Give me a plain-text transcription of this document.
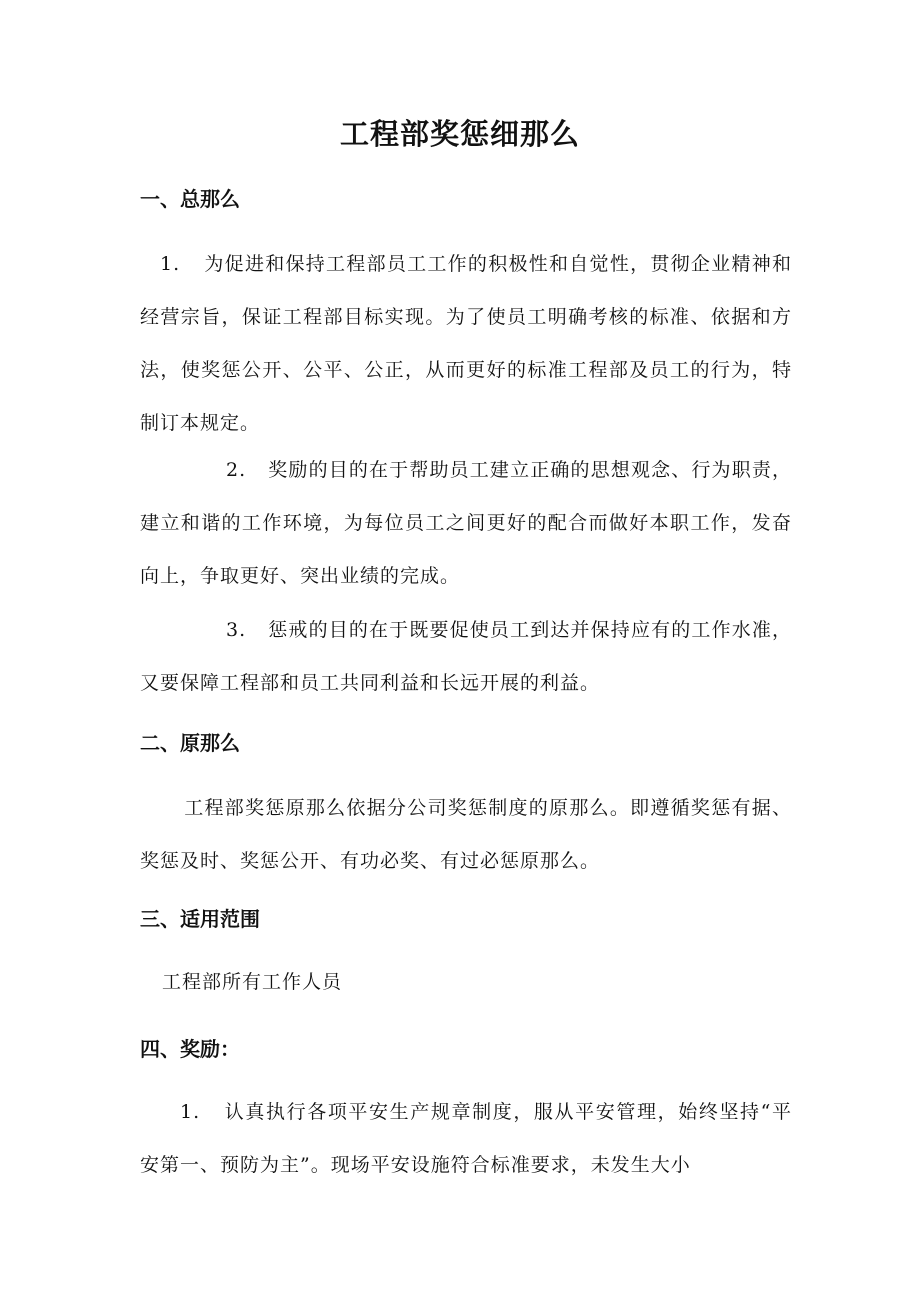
工程部奖惩细那么
一、总那么

1. 为促进和保持工程部员工工作的积极性和自觉性，贯彻企业精神和经营宗旨，保证工程部目标实现。为了使员工明确考核的标准、依据和方法，使奖惩公开、公平、公正，从而更好的标准工程部及员工的行为，特制订本规定。

2. 奖励的目的在于帮助员工建立正确的思想观念、行为职责，建立和谐的工作环境，为每位员工之间更好的配合而做好本职工作，发奋向上，争取更好、突出业绩的完成。

3. 惩戒的目的在于既要促使员工到达并保持应有的工作水准，又要保障工程部和员工共同利益和长远开展的利益。

二、原那么

工程部奖惩原那么依据分公司奖惩制度的原那么。即遵循奖惩有据、奖惩及时、奖惩公开、有功必奖、有过必惩原那么。

三、适用范围

工程部所有工作人员

四、奖励：

1. 认真执行各项平安生产规章制度，服从平安管理，始终坚持“平安第一、预防为主”。现场平安设施符合标准要求，未发生大小
